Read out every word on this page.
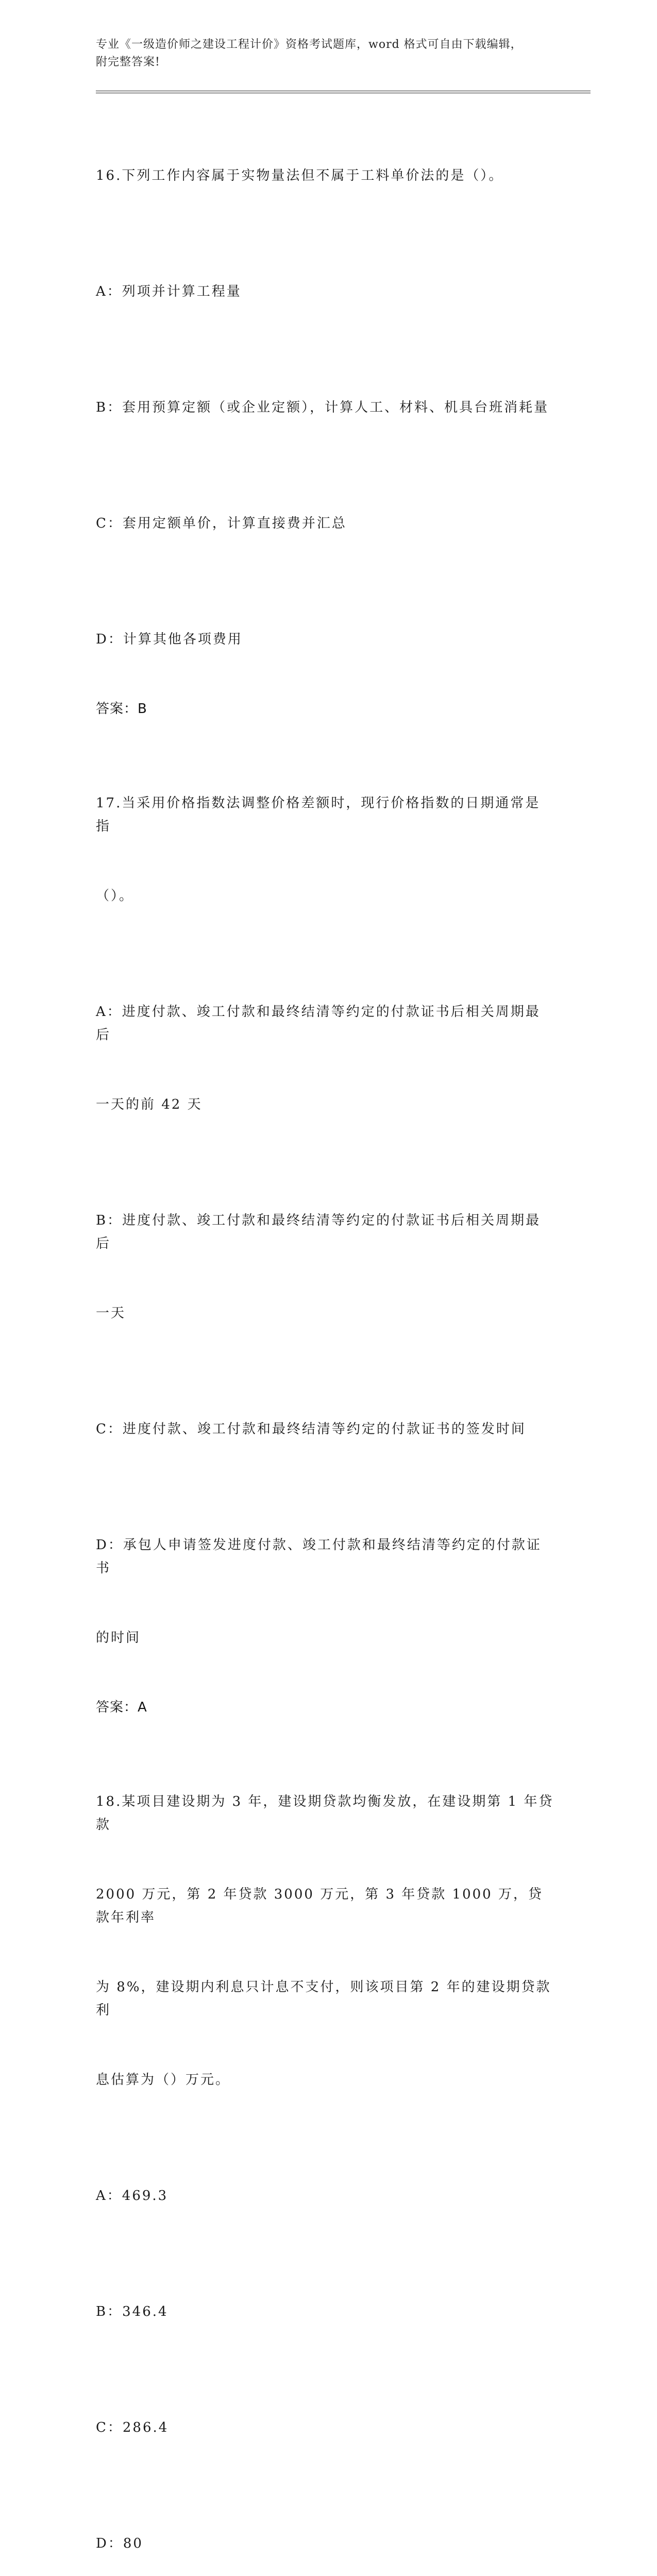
专业《一级造价师之建设工程计价》资格考试题库，word 格式可自由下载编辑，
附完整答案!

16.下列工作内容属于实物量法但不属于工料单价法的是（）。

A：列项并计算工程量

B：套用预算定额（或企业定额），计算人工、材料、机具台班消耗量

C：套用定额单价，计算直接费并汇总

D：计算其他各项费用

答案：B

17.当采用价格指数法调整价格差额时，现行价格指数的日期通常是指

（）。

A：进度付款、竣工付款和最终结清等约定的付款证书后相关周期最后

一天的前 42 天

B：进度付款、竣工付款和最终结清等约定的付款证书后相关周期最后

一天

C：进度付款、竣工付款和最终结清等约定的付款证书的签发时间

D：承包人申请签发进度付款、竣工付款和最终结清等约定的付款证书

的时间

答案：A

18.某项目建设期为 3 年，建设期贷款均衡发放，在建设期第 1 年贷款

2000 万元，第 2 年贷款 3000 万元，第 3 年贷款 1000 万，贷款年利率

为 8%，建设期内利息只计息不支付，则该项目第 2 年的建设期贷款利

息估算为（）万元。

A：469.3

B：346.4

C：286.4

D：80
